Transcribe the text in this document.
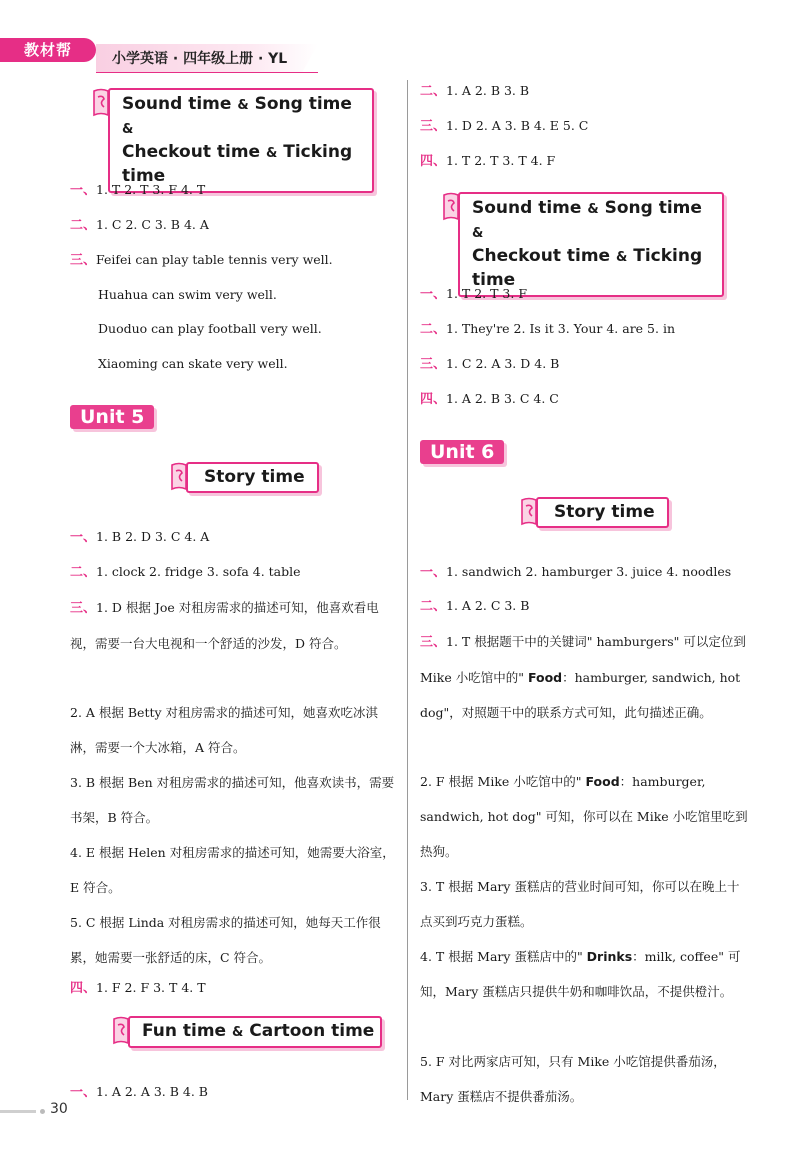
教材帮	小学英语 · 四年级上册 · YL
Sound time & Song time &
Checkout time & Ticking time
一、1. T 2. T 3. F 4. T
二、1. C 2. C 3. B 4. A
三、Feifei can play table tennis very well.
Huahua can swim very well.
Duoduo can play football very well.
Xiaoming can skate very well.
Unit 5
Story time
一、1. B 2. D 3. C 4. A
二、1. clock 2. fridge 3. sofa 4. table
三、1. D 根据 Joe 对租房需求的描述可知，他喜欢看电视，需要一台大电视和一个舒适的沙发，D 符合。
2. A 根据 Betty 对租房需求的描述可知，她喜欢吃冰淇淋，需要一个大冰箱，A 符合。
3. B 根据 Ben 对租房需求的描述可知，他喜欢读书，需要书架，B 符合。
4. E 根据 Helen 对租房需求的描述可知，她需要大浴室，E 符合。
5. C 根据 Linda 对租房需求的描述可知，她每天工作很累，她需要一张舒适的床，C 符合。
四、1. F 2. F 3. T 4. T
Fun time & Cartoon time
一、1. A 2. A 3. B 4. B
二、1. A 2. B 3. B
三、1. D 2. A 3. B 4. E 5. C
四、1. T 2. T 3. T 4. F
Sound time & Song time &
Checkout time & Ticking time
一、1. T 2. T 3. F
二、1. They're 2. Is it 3. Your 4. are 5. in
三、1. C 2. A 3. D 4. B
四、1. A 2. B 3. C 4. C
Unit 6
Story time
一、1. sandwich 2. hamburger 3. juice 4. noodles
二、1. A 2. C 3. B
三、1. T 根据题干中的关键词" hamburgers" 可以定位到 Mike 小吃馆中的" Food：hamburger, sandwich, hot dog"，对照题干中的联系方式可知，此句描述正确。
2. F 根据 Mike 小吃馆中的" Food：hamburger, sandwich, hot dog" 可知，你可以在 Mike 小吃馆里吃到热狗。
3. T 根据 Mary 蛋糕店的营业时间可知，你可以在晚上十点买到巧克力蛋糕。
4. T 根据 Mary 蛋糕店中的" Drinks：milk, coffee" 可知，Mary 蛋糕店只提供牛奶和咖啡饮品，不提供橙汁。
5. F 对比两家店可知，只有 Mike 小吃馆提供番茄汤，Mary 蛋糕店不提供番茄汤。
30
